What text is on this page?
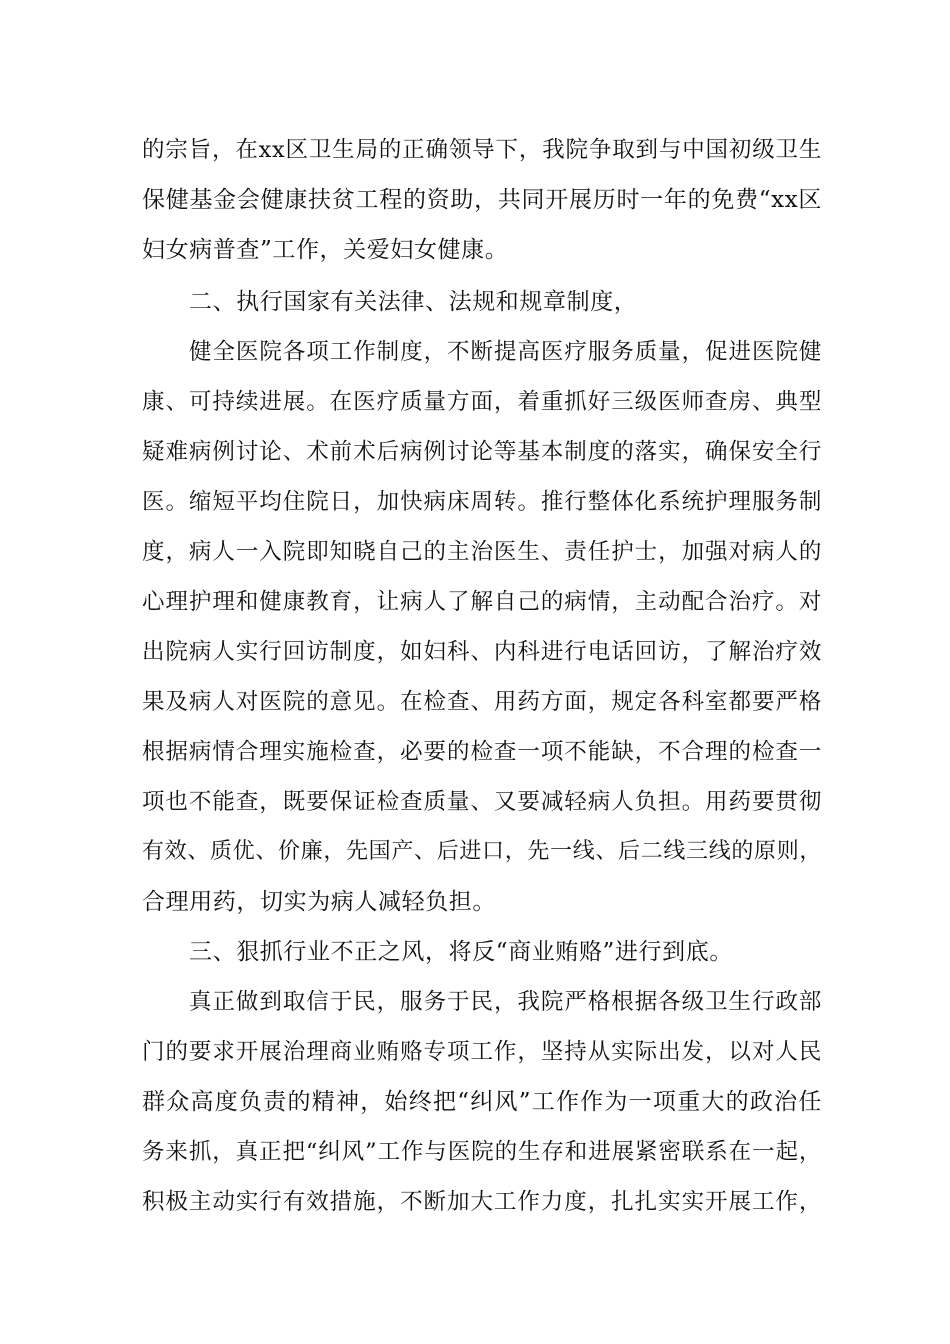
的宗旨，在xx区卫生局的正确领导下，我院争取到与中国初级卫生
保健基金会健康扶贫工程的资助，共同开展历时一年的免费“xx区
妇女病普查”工作，关爱妇女健康。
二、执行国家有关法律、法规和规章制度，
健全医院各项工作制度，不断提高医疗服务质量，促进医院健
康、可持续进展。在医疗质量方面，着重抓好三级医师查房、典型
疑难病例讨论、术前术后病例讨论等基本制度的落实，确保安全行
医。缩短平均住院日，加快病床周转。推行整体化系统护理服务制
度，病人一入院即知晓自己的主治医生、责任护士，加强对病人的
心理护理和健康教育，让病人了解自己的病情，主动配合治疗。对
出院病人实行回访制度，如妇科、内科进行电话回访，了解治疗效
果及病人对医院的意见。在检查、用药方面，规定各科室都要严格
根据病情合理实施检查，必要的检查一项不能缺，不合理的检查一
项也不能查，既要保证检查质量、又要减轻病人负担。用药要贯彻
有效、质优、价廉，先国产、后进口，先一线、后二线三线的原则，
合理用药，切实为病人减轻负担。
三、狠抓行业不正之风，将反“商业贿赂”进行到底。
真正做到取信于民，服务于民，我院严格根据各级卫生行政部
门的要求开展治理商业贿赂专项工作，坚持从实际出发，以对人民
群众高度负责的精神，始终把“纠风”工作作为一项重大的政治任
务来抓，真正把“纠风”工作与医院的生存和进展紧密联系在一起，
积极主动实行有效措施，不断加大工作力度，扎扎实实开展工作，
